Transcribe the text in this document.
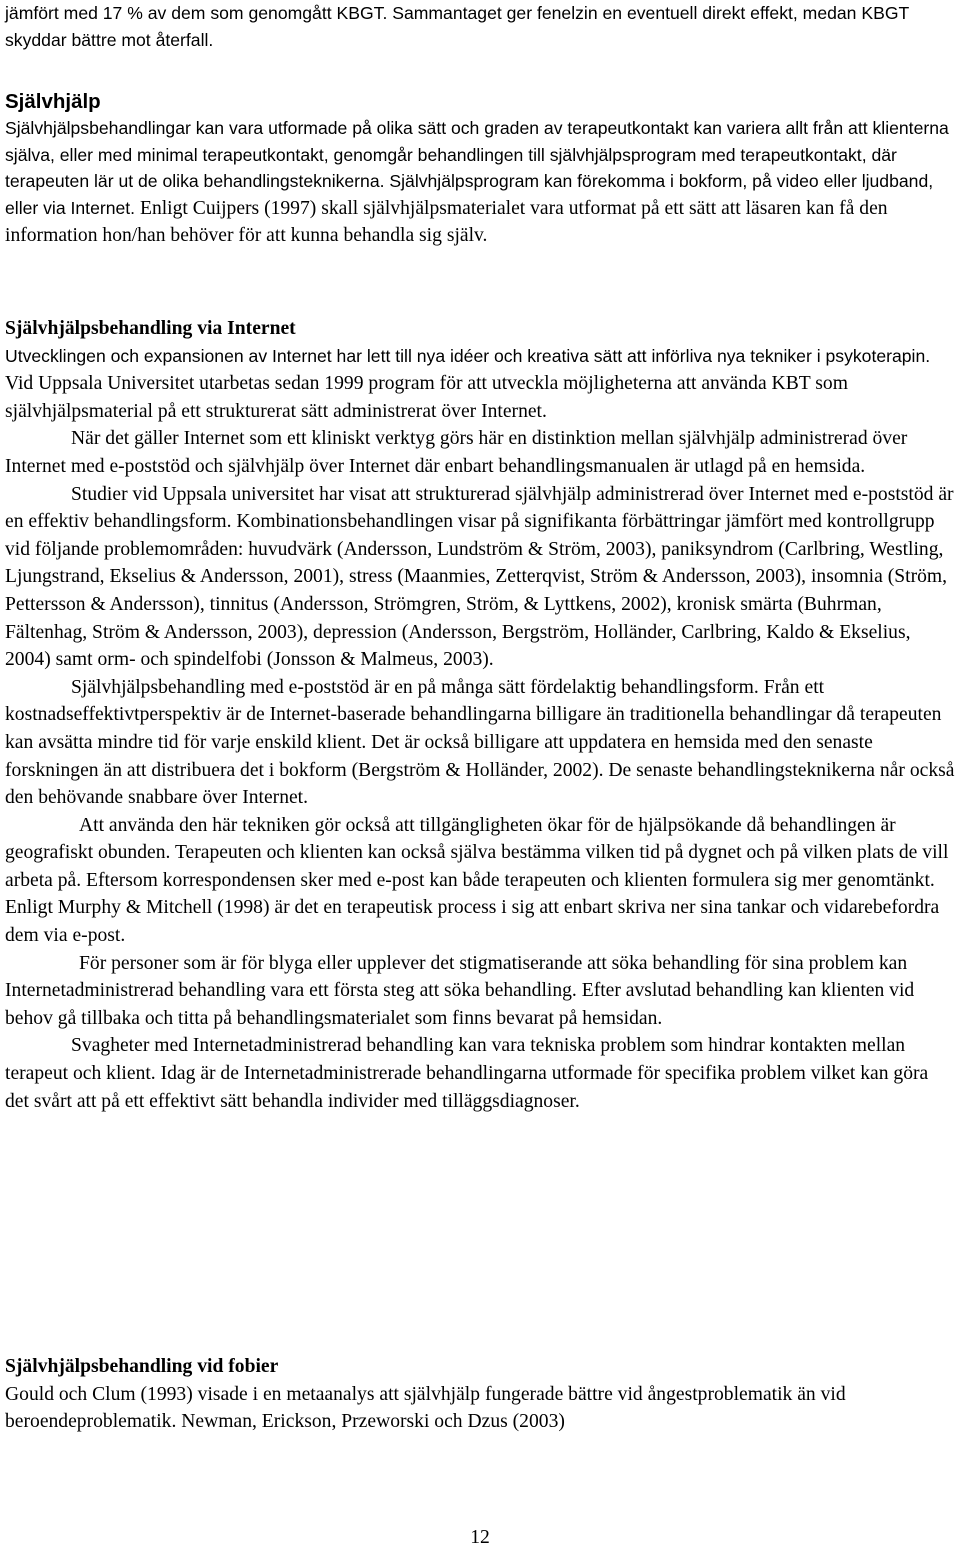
jämfört med 17 % av dem som genomgått KBGT. Sammantaget ger fenelzin en eventuell direkt effekt, medan KBGT skyddar bättre mot återfall.

Självhjälp

Självhjälpsbehandlingar kan vara utformade på olika sätt och graden av terapeutkontakt kan variera allt från att klienterna själva, eller med minimal terapeutkontakt, genomgår behandlingen till självhjälpsprogram med terapeutkontakt, där terapeuten lär ut de olika behandlingsteknikerna. Självhjälpsprogram kan förekomma i bokform, på video eller ljudband, eller via Internet. Enligt Cuijpers (1997) skall självhjälpsmaterialet vara utformat på ett sätt att läsaren kan få den information hon/han behöver för att kunna behandla sig själv.

Självhjälpsbehandling via Internet

Utvecklingen och expansionen av Internet har lett till nya idéer och kreativa sätt att införliva nya tekniker i psykoterapin. Vid Uppsala Universitet utarbetas sedan 1999 program för att utveckla möjligheterna att använda KBT som självhjälpsmaterial på ett strukturerat sätt administrerat över Internet.

När det gäller Internet som ett kliniskt verktyg görs här en distinktion mellan självhjälp administrerad över Internet med e-poststöd och självhjälp över Internet där enbart behandlingsmanualen är utlagd på en hemsida.

Studier vid Uppsala universitet har visat att strukturerad självhjälp administrerad över Internet med e-poststöd är en effektiv behandlingsform. Kombinationsbehandlingen visar på signifikanta förbättringar jämfört med kontrollgrupp vid följande problemområden: huvudvärk (Andersson, Lundström & Ström, 2003), paniksyndrom (Carlbring, Westling, Ljungstrand, Ekselius & Andersson, 2001), stress (Maanmies, Zetterqvist, Ström & Andersson, 2003), insomnia (Ström, Pettersson & Andersson), tinnitus (Andersson, Strömgren, Ström, & Lyttkens, 2002), kronisk smärta (Buhrman, Fältenhag, Ström & Andersson, 2003), depression (Andersson, Bergström, Holländer, Carlbring, Kaldo & Ekselius, 2004) samt orm- och spindelfobi (Jonsson & Malmeus, 2003).

Självhjälpsbehandling med e-poststöd är en på många sätt fördelaktig behandlingsform. Från ett kostnadseffektivtperspektiv är de Internet-baserade behandlingarna billigare än traditionella behandlingar då terapeuten kan avsätta mindre tid för varje enskild klient. Det är också billigare att uppdatera en hemsida med den senaste forskningen än att distribuera det i bokform (Bergström & Holländer, 2002). De senaste behandlingsteknikerna når också den behövande snabbare över Internet.

Att använda den här tekniken gör också att tillgängligheten ökar för de hjälpsökande då behandlingen är geografiskt obunden. Terapeuten och klienten kan också själva bestämma vilken tid på dygnet och på vilken plats de vill arbeta på. Eftersom korrespondensen sker med e-post kan både terapeuten och klienten formulera sig mer genomtänkt. Enligt Murphy & Mitchell (1998) är det en terapeutisk process i sig att enbart skriva ner sina tankar och vidarebefordra dem via e-post.

För personer som är för blyga eller upplever det stigmatiserande att söka behandling för sina problem kan Internetadministrerad behandling vara ett första steg att söka behandling. Efter avslutad behandling kan klienten vid behov gå tillbaka och titta på behandlingsmaterialet som finns bevarat på hemsidan.

Svagheter med Internetadministrerad behandling kan vara tekniska problem som hindrar kontakten mellan terapeut och klient. Idag är de Internetadministrerade behandlingarna utformade för specifika problem vilket kan göra det svårt att på ett effektivt sätt behandla individer med tilläggsdiagnoser.

Självhjälpsbehandling vid fobier

Gould och Clum (1993) visade i en metaanalys att självhjälp fungerade bättre vid ångestproblematik än vid beroendeproblematik. Newman, Erickson, Przeworski och Dzus (2003)

12
